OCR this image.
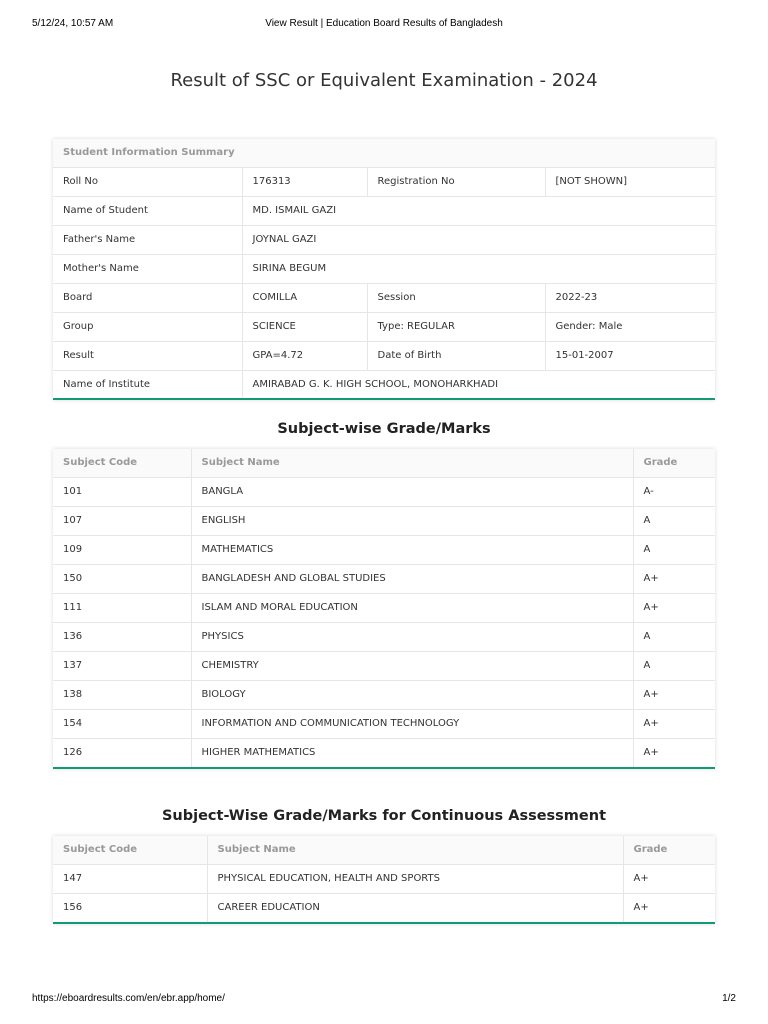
5/12/24, 10:57 AM	View Result | Education Board Results of Bangladesh
Result of SSC or Equivalent Examination - 2024
Student Information Summary			
Roll No	176313	Registration No	[NOT SHOWN]
Name of Student	MD. ISMAIL GAZI		
Father's Name	JOYNAL GAZI		
Mother's Name	SIRINA BEGUM		
Board	COMILLA	Session	2022-23
Group	SCIENCE	Type: REGULAR	Gender: Male
Result	GPA=4.72	Date of Birth	15-01-2007
Name of Institute	AMIRABAD G. K. HIGH SCHOOL, MONOHARKHADI		
Subject-wise Grade/Marks
Subject Code	Subject Name	Grade
101	BANGLA	A-
107	ENGLISH	A
109	MATHEMATICS	A
150	BANGLADESH AND GLOBAL STUDIES	A+
111	ISLAM AND MORAL EDUCATION	A+
136	PHYSICS	A
137	CHEMISTRY	A
138	BIOLOGY	A+
154	INFORMATION AND COMMUNICATION TECHNOLOGY	A+
126	HIGHER MATHEMATICS	A+
Subject-Wise Grade/Marks for Continuous Assessment
Subject Code	Subject Name	Grade
147	PHYSICAL EDUCATION, HEALTH AND SPORTS	A+
156	CAREER EDUCATION	A+
https://eboardresults.com/en/ebr.app/home/	1/2
